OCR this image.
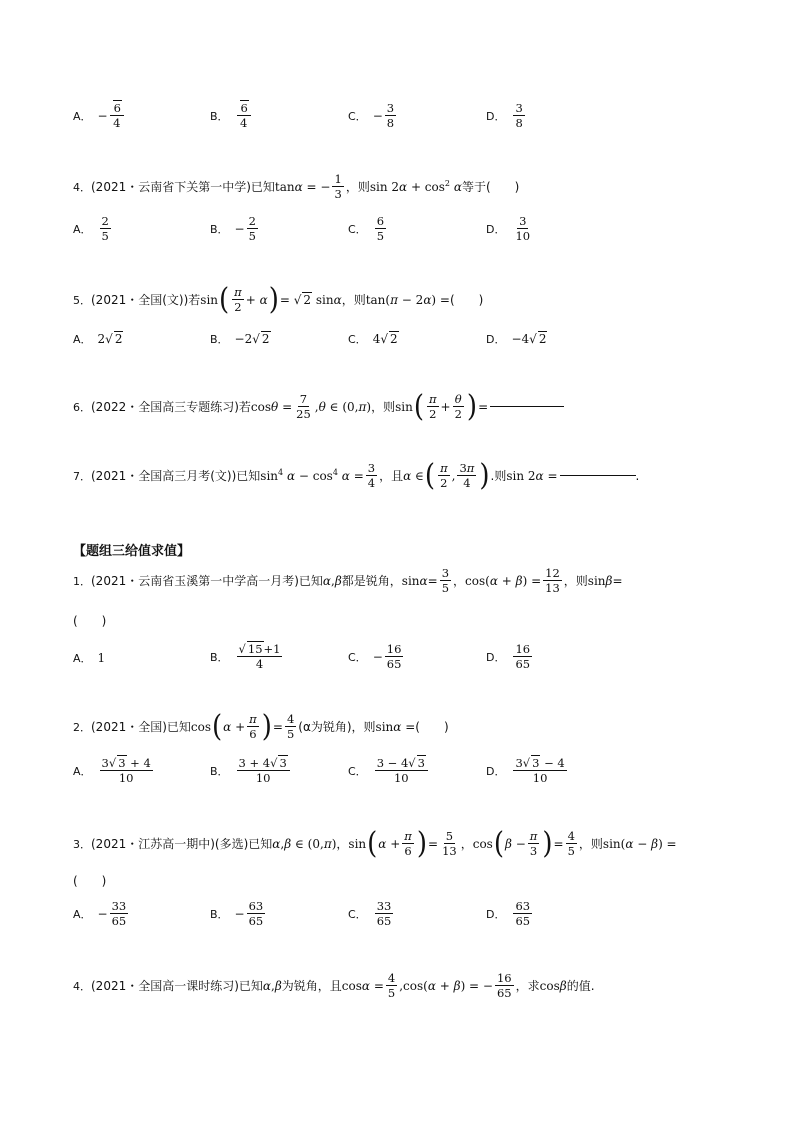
A． − $\frac{6}{4}$	B． $\frac{6}{4}$	C． − $\frac{3}{8}$	D． $\frac{3}{8}$
4． (2021・云南省下关第一中学)已知 tanα = − $\frac{1}{3}$ ，则 $\sin 2\alpha + \cos^2 \alpha$ 等于(　　)
A． $\frac{2}{5}$	B． − $\frac{2}{5}$	C． $\frac{6}{5}$	D． $\frac{3}{10}$
5． (2021・全国(文))若 sin ( $\frac{\pi}{2} + \alpha$ ) = √ 2 sinα ，则 tan(π − 2α) = (　　)
A． 2√ 2	B． −2√ 2	C． 4√ 2	D． −4√ 2
6． (2022・全国高三专题练习)若 $\cos\theta = \frac{7}{25} ,\theta$ ∈ (0,π) ，则 sin ( $\frac{\pi}{2} + \frac{\theta}{2}$ ) =
7． (2021・全国高三月考(文))已知 $\sin^4 \alpha - \cos^4 \alpha = \frac{3}{4}$ ，且 α ∈ ( $\frac{\pi}{2}$ , $\frac{3\pi}{4}$ ) .则 sin 2α =	.
【题组三给值求值】
1． (2021・云南省玉溪第一中学高一月考)已知 α,β 都是锐角， $\sin\alpha= \frac{3}{5}$ ， $\cos(\alpha + \beta) = \frac{12}{13}$ ，则 sinβ=
(　　)
A． 1	B． $\frac{√ 15+1}{4}$	C． − $\frac{16}{65}$	D． $\frac{16}{65}$
2． (2021・全国)已知 cos ( $\alpha + \frac{\pi}{6}$ ) = $\frac{4}{5} (\alpha$为锐角)，则 sinα = (　　)
A． $\frac{3√ 3 + 4}{10}$	B． $\frac{3 + 4√ 3}{10}$	C． $\frac{3 - 4√ 3}{10}$	D． $\frac{3√ 3 - 4}{10}$
3． (2021・江苏高一期中)(多选)已知 α,β ∈ (0,π) ， sin ( $\alpha + \frac{\pi}{6}$ ) = $\frac{5}{13}$ ， cos ( $\beta - \frac{\pi}{3}$ ) = $\frac{4}{5}$ ，则 sin(α − β) =
(　　)
A． − $\frac{33}{65}$	B． − $\frac{63}{65}$	C． $\frac{33}{65}$	D． $\frac{63}{65}$
4． (2021・全国高一课时练习)已知 α,β 为锐角，且 $\cos\alpha = \frac{4}{5} ,\cos(\alpha + \beta)$ = − $\frac{16}{65}$ ，求 cosβ 的值.
